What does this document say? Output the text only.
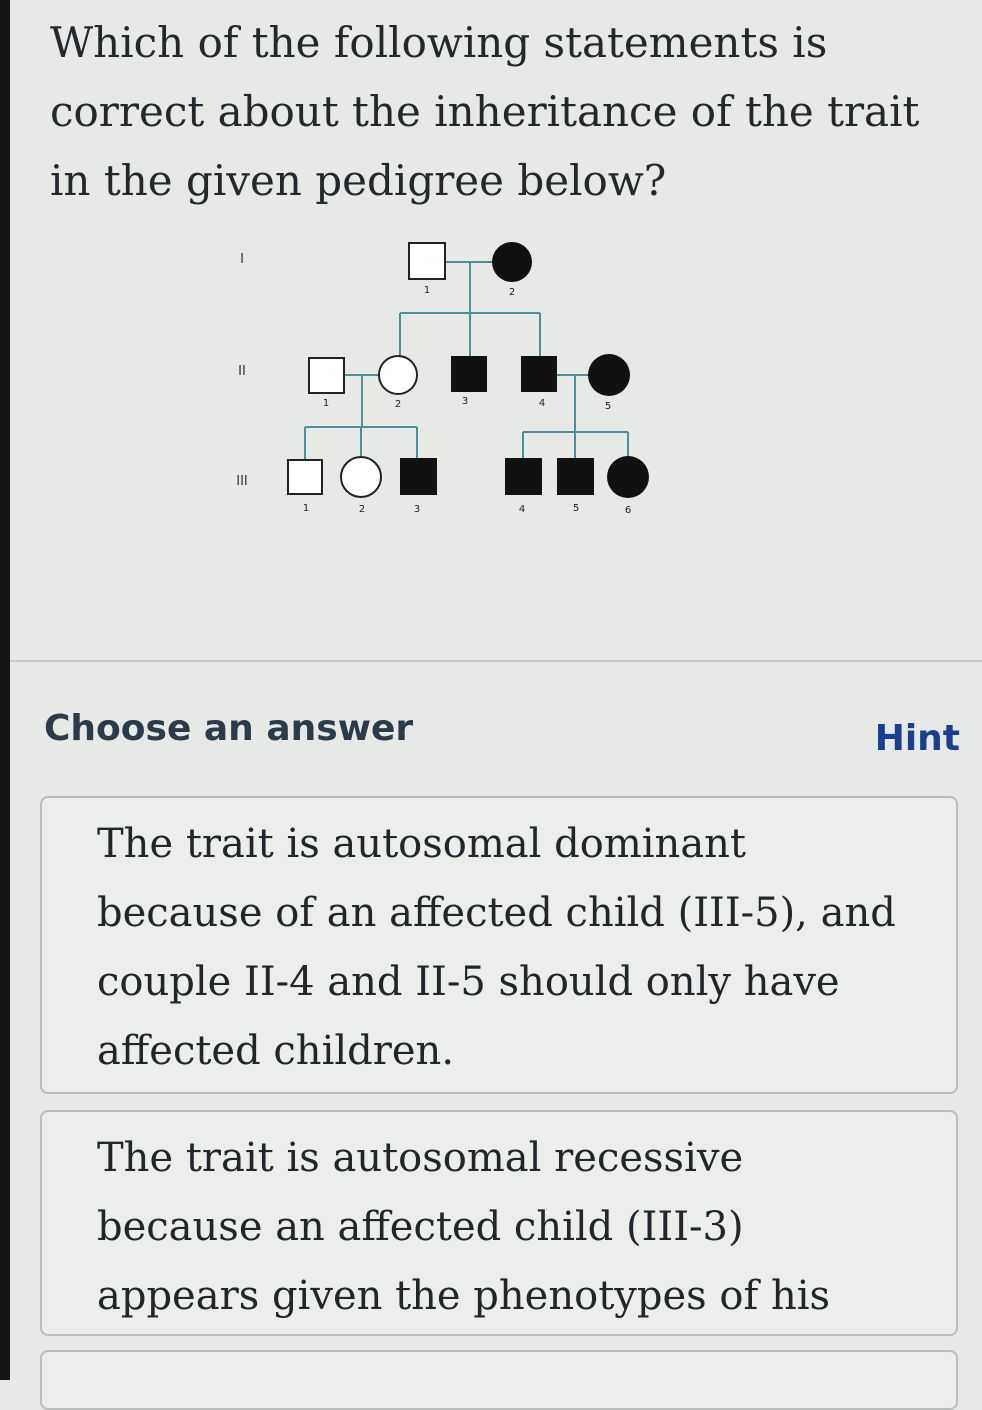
Which of the following statements is correct about the inheritance of the trait in the given pedigree below?
I
II
III
1	2
1	2	3	4	5
1	2	3	4	5	6
Choose an answer	Hint
The trait is autosomal dominant because of an affected child (III-5), and couple II-4 and II-5 should only have affected children.
The trait is autosomal recessive because an affected child (III-3) appears given the phenotypes of his
